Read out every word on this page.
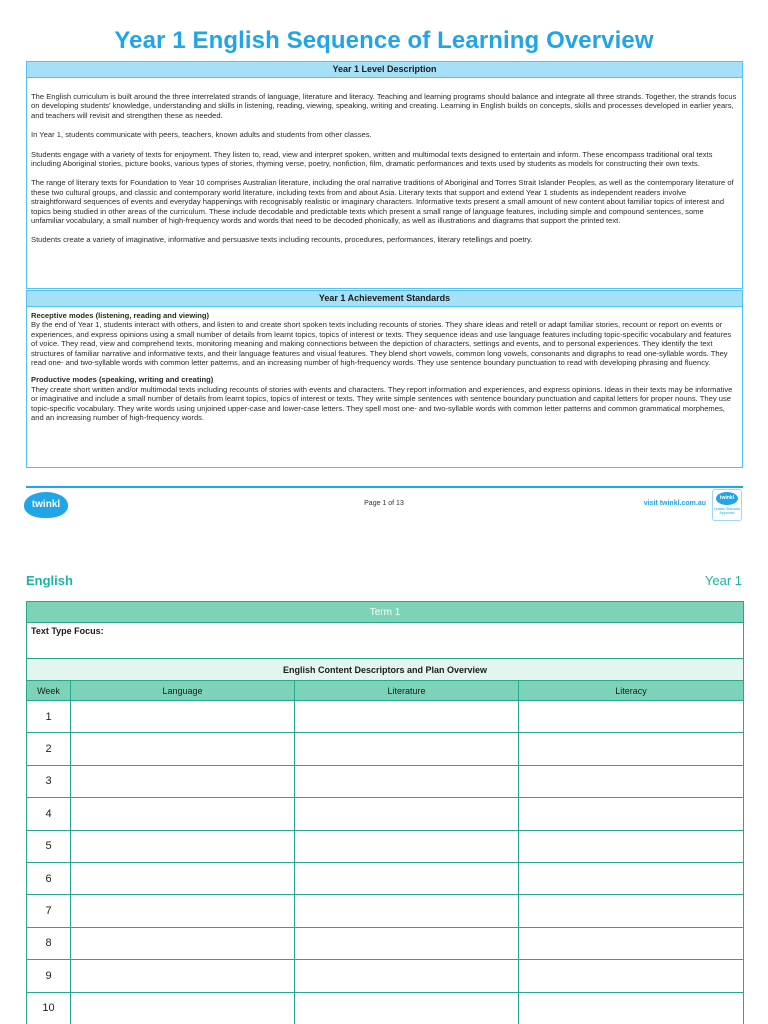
Year 1 English Sequence of Learning Overview
Year 1 Level Description

The English curriculum is built around the three interrelated strands of language, literature and literacy. Teaching and learning programs should balance and integrate all three strands. Together, the strands focus on developing students' knowledge, understanding and skills in listening, reading, viewing, speaking, writing and creating. Learning in English builds on concepts, skills and processes developed in earlier years, and teachers will revisit and strengthen these as needed.

In Year 1, students communicate with peers, teachers, known adults and students from other classes.

Students engage with a variety of texts for enjoyment. They listen to, read, view and interpret spoken, written and multimodal texts designed to entertain and inform. These encompass traditional oral texts including Aboriginal stories, picture books, various types of stories, rhyming verse, poetry, nonfiction, film, dramatic performances and texts used by students as models for constructing their own texts.

The range of literary texts for Foundation to Year 10 comprises Australian literature, including the oral narrative traditions of Aboriginal and Torres Strait Islander Peoples, as well as the contemporary literature of these two cultural groups, and classic and contemporary world literature, including texts from and about Asia. Literary texts that support and extend Year 1 students as independent readers involve straightforward sequences of events and everyday happenings with recognisably realistic or imaginary characters. Informative texts present a small amount of new content about familiar topics of interest and topics being studied in other areas of the curriculum. These include decodable and predictable texts which present a small range of language features, including simple and compound sentences, some unfamiliar vocabulary, a small number of high-frequency words and words that need to be decoded phonically, as well as illustrations and diagrams that support the printed text.

Students create a variety of imaginative, informative and persuasive texts including recounts, procedures, performances, literary retellings and poetry.

Year 1 Achievement Standards

Receptive modes (listening, reading and viewing)
By the end of Year 1, students interact with others, and listen to and create short spoken texts including recounts of stories. They share ideas and retell or adapt familiar stories, recount or report on events or experiences, and express opinions using a small number of details from learnt topics, topics of interest or texts. They sequence ideas and use language features including topic-specific vocabulary and features of voice. They read, view and comprehend texts, monitoring meaning and making connections between the depiction of characters, settings and events, and to personal experiences. They identify the text structures of familiar narrative and informative texts, and their language features and visual features. They blend short vowels, common long vowels, consonants and digraphs to read one-syllable words. They read one- and two-syllable words with common letter patterns, and an increasing number of high-frequency words. They use sentence boundary punctuation to read with developing phrasing and fluency.

Productive modes (speaking, writing and creating)
They create short written and/or multimodal texts including recounts of stories with events and characters. They report information and experiences, and express opinions. Ideas in their texts may be informative or imaginative and include a small number of details from learnt topics, topics of interest or texts. They write simple sentences with sentence boundary punctuation and capital letters for proper nouns. They use topic-specific vocabulary. They write words using unjoined upper-case and lower-case letters. They spell most one- and two-syllable words with common letter patterns and common grammatical morphemes, and an increasing number of high-frequency words.

twinkl	Page 1 of 13	visit twinkl.com.au
twinkl
Quality Standard Approved
English	Year 1
Term 1			
Text Type Focus:			
English Content Descriptors and Plan Overview			
Week	Language	Literature	Literacy
1			
2			
3			
4			
5			
6			
7			
8			
9			
10			
